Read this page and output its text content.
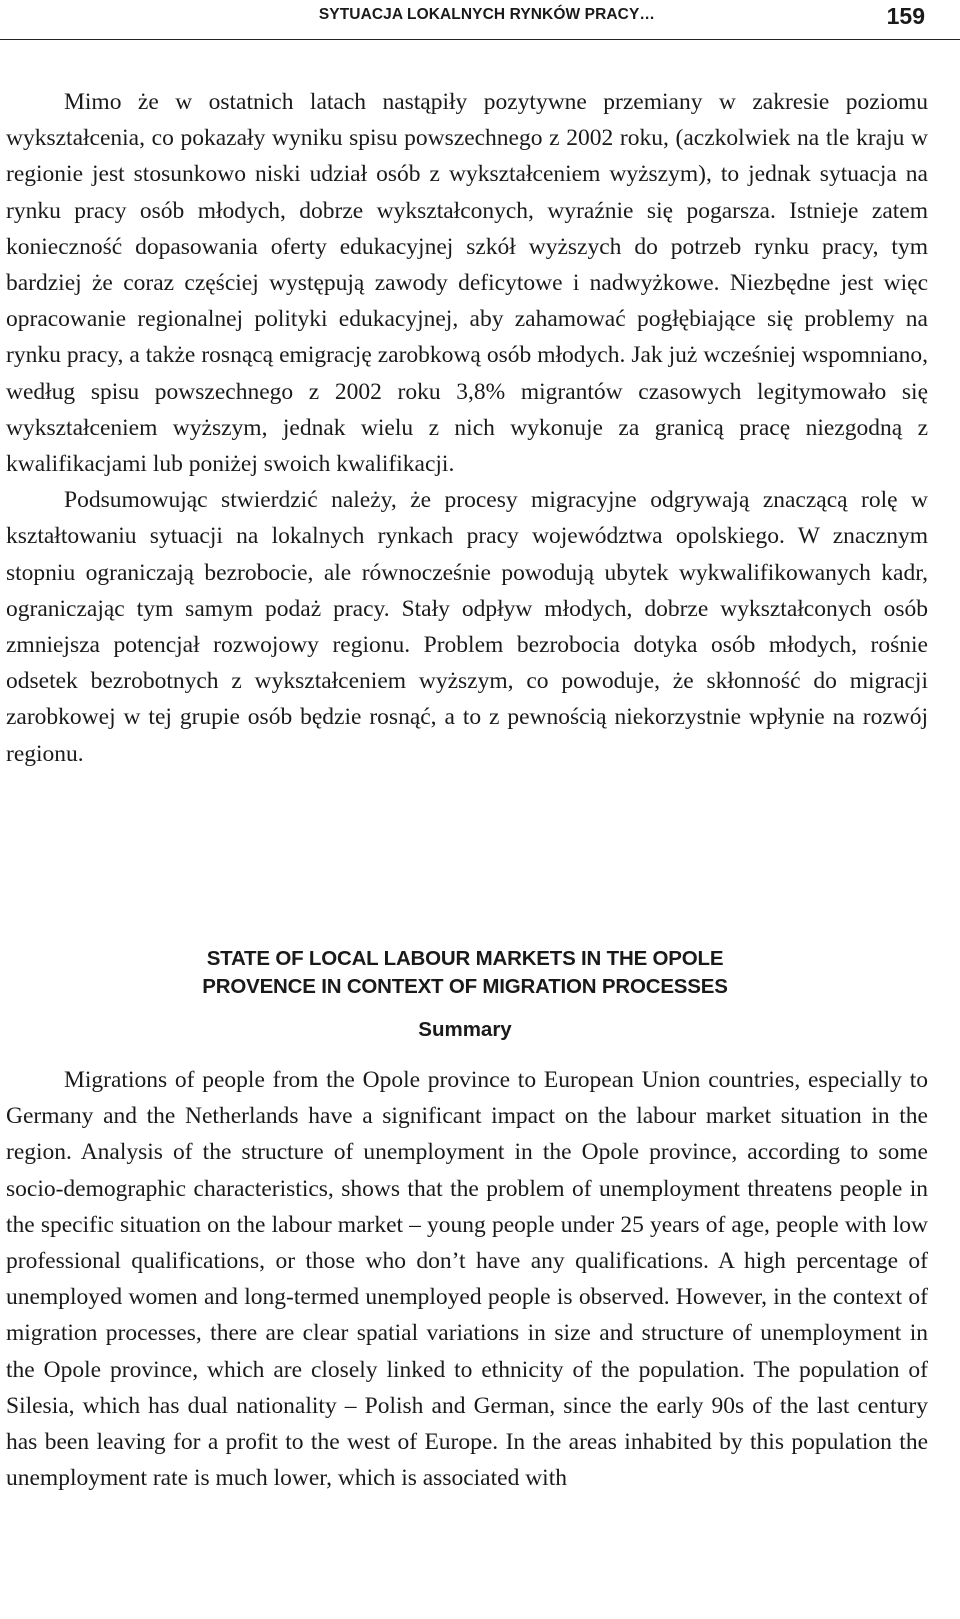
SYTUACJA LOKALNYCH RYNKÓW PRACY…	159

Mimo że w ostatnich latach nastąpiły pozytywne przemiany w zakresie poziomu wykształcenia, co pokazały wyniku spisu powszechnego z 2002 roku, (aczkolwiek na tle kraju w regionie jest stosunkowo niski udział osób z wykształceniem wyższym), to jednak sytuacja na rynku pracy osób młodych, dobrze wykształconych, wyraźnie się pogarsza. Istnieje zatem konieczność dopasowania oferty edukacyjnej szkół wyższych do potrzeb rynku pracy, tym bardziej że coraz częściej występują zawody deficytowe i nadwyżkowe. Niezbędne jest więc opracowanie regionalnej polityki edukacyjnej, aby zahamować pogłębiające się problemy na rynku pracy, a także rosnącą emigrację zarobkową osób młodych. Jak już wcześniej wspomniano, według spisu powszechnego z 2002 roku 3,8% migrantów czasowych legitymowało się wykształceniem wyższym, jednak wielu z nich wykonuje za granicą pracę niezgodną z kwalifikacjami lub poniżej swoich kwalifikacji.

Podsumowując stwierdzić należy, że procesy migracyjne odgrywają znaczącą rolę w kształtowaniu sytuacji na lokalnych rynkach pracy województwa opolskiego. W znacznym stopniu ograniczają bezrobocie, ale równocześnie powodują ubytek wykwalifikowanych kadr, ograniczając tym samym podaż pracy. Stały odpływ młodych, dobrze wykształconych osób zmniejsza potencjał rozwojowy regionu. Problem bezrobocia dotyka osób młodych, rośnie odsetek bezrobotnych z wykształceniem wyższym, co powoduje, że skłonność do migracji zarobkowej w tej grupie osób będzie rosnąć, a to z pewnością niekorzystnie wpłynie na rozwój regionu.

STATE OF LOCAL LABOUR MARKETS IN THE OPOLE
PROVENCE IN CONTEXT OF MIGRATION PROCESSES
Summary

Migrations of people from the Opole province to European Union countries, especially to Germany and the Netherlands have a significant impact on the labour market situation in the region. Analysis of the structure of unemployment in the Opole province, according to some socio-demographic characteristics, shows that the problem of unemployment threatens people in the specific situation on the labour market – young people under 25 years of age, people with low professional qualifications, or those who don’t have any qualifications. A high percentage of unemployed women and long-termed unemployed people is observed. However, in the context of migration processes, there are clear spatial variations in size and structure of unemployment in the Opole province, which are closely linked to ethnicity of the population. The population of Silesia, which has dual nationality – Polish and German, since the early 90s of the last century has been leaving for a profit to the west of Europe. In the areas inhabited by this population the unemployment rate is much lower, which is associated with
